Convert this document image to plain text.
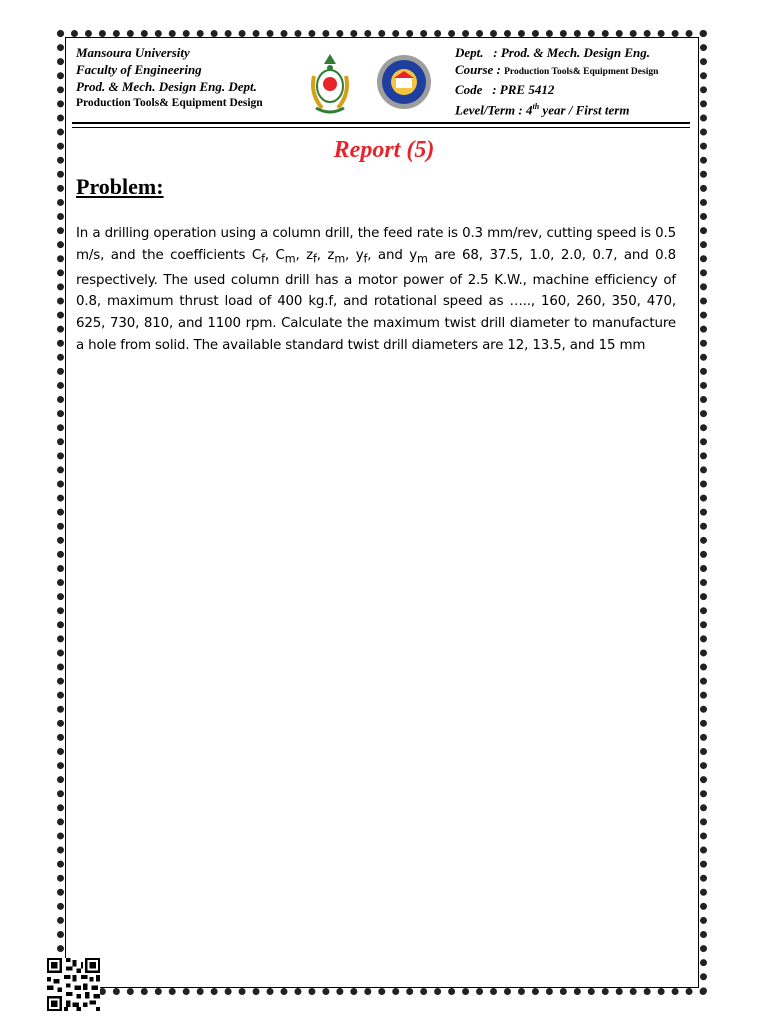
Mansoura University
Faculty of Engineering
Prod. & Mech. Design Eng. Dept.
Production Tools& Equipment Design
Dept. : Prod. & Mech. Design Eng.
Course : Production Tools& Equipment Design
Code : PRE 5412
Level/Term : 4th year / First term
Report (5)
Problem:
In a drilling operation using a column drill, the feed rate is 0.3 mm/rev, cutting speed is 0.5 m/s, and the coefficients $C_f$, $C_m$, $z_f$, $z_m$, $y_f$, and $y_m$ are 68, 37.5, 1.0, 2.0, 0.7, and 0.8 respectively. The used column drill has a motor power of 2.5 K.W., machine efficiency of 0.8, maximum thrust load of 400 kg.f, and rotational speed as ….., 160, 260, 350, 470, 625, 730, 810, and 1100 rpm. Calculate the maximum twist drill diameter to manufacture a hole from solid. The available standard twist drill diameters are 12, 13.5, and 15 mm
